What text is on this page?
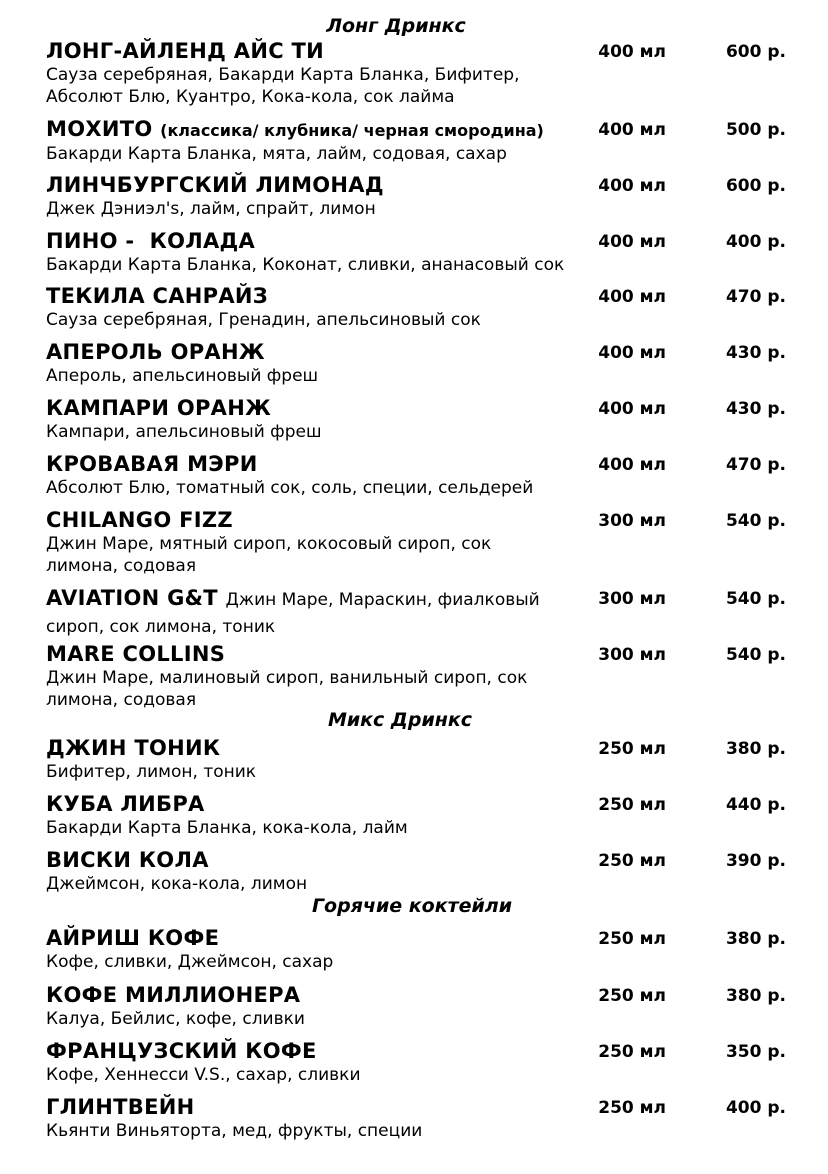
Лонг Дринкс
ЛОНГ-АЙЛЕНД АЙС ТИ
Сауза серебряная, Бакарди Карта Бланка, Бифитер, Абсолют Блю, Куантро, Кока-кола, сок лайма
400 мл	600 р.
МОХИТО (классика/ клубника/ черная смородина)
Бакарди Карта Бланка, мята, лайм, содовая, сахар
400 мл	500 р.
ЛИНЧБУРГСКИЙ ЛИМОНАД
Джек Дэниэл's, лайм, спрайт, лимон
400 мл	600 р.
ПИНО -  КОЛАДА
Бакарди Карта Бланка, Коконат, сливки, ананасовый сок
400 мл	400 р.
ТЕКИЛА САНРАЙЗ
Сауза серебряная, Гренадин, апельсиновый сок
400 мл	470 р.
АПЕРОЛЬ ОРАНЖ
Апероль, апельсиновый фреш
400 мл	430 р.
КАМПАРИ ОРАНЖ
Кампари, апельсиновый фреш
400 мл	430 р.
КРОВАВАЯ МЭРИ
Абсолют Блю, томатный сок, соль, специи, сельдерей
400 мл	470 р.
CHILANGO FIZZ
Джин Маре, мятный сироп, кокосовый сироп, сок лимона, содовая
300 мл	540 р.
AVIATION G&T Джин Маре, Мараскин, фиалковый сироп, сок лимона, тоник
300 мл	540 р.
MARE COLLINS
Джин Маре, малиновый сироп, ванильный сироп, сок лимона, содовая
300 мл	540 р.
Микс Дринкс
ДЖИН ТОНИК
Бифитер, лимон, тоник
250 мл	380 р.
КУБА ЛИБРА
Бакарди Карта Бланка, кока-кола, лайм
250 мл	440 р.
ВИСКИ КОЛА
Джеймсон, кока-кола, лимон
250 мл	390 р.
Горячие коктейли
АЙРИШ КОФЕ
Кофе, сливки, Джеймсон, сахар
250 мл	380 р.
КОФЕ МИЛЛИОНЕРА
Калуа, Бейлис, кофе, сливки
250 мл	380 р.
ФРАНЦУЗСКИЙ КОФЕ
Кофе, Хеннесси V.S., сахар, сливки
250 мл	350 р.
ГЛИНТВЕЙН
Кьянти Виньяторта, мед, фрукты, специи
250 мл	400 р.
